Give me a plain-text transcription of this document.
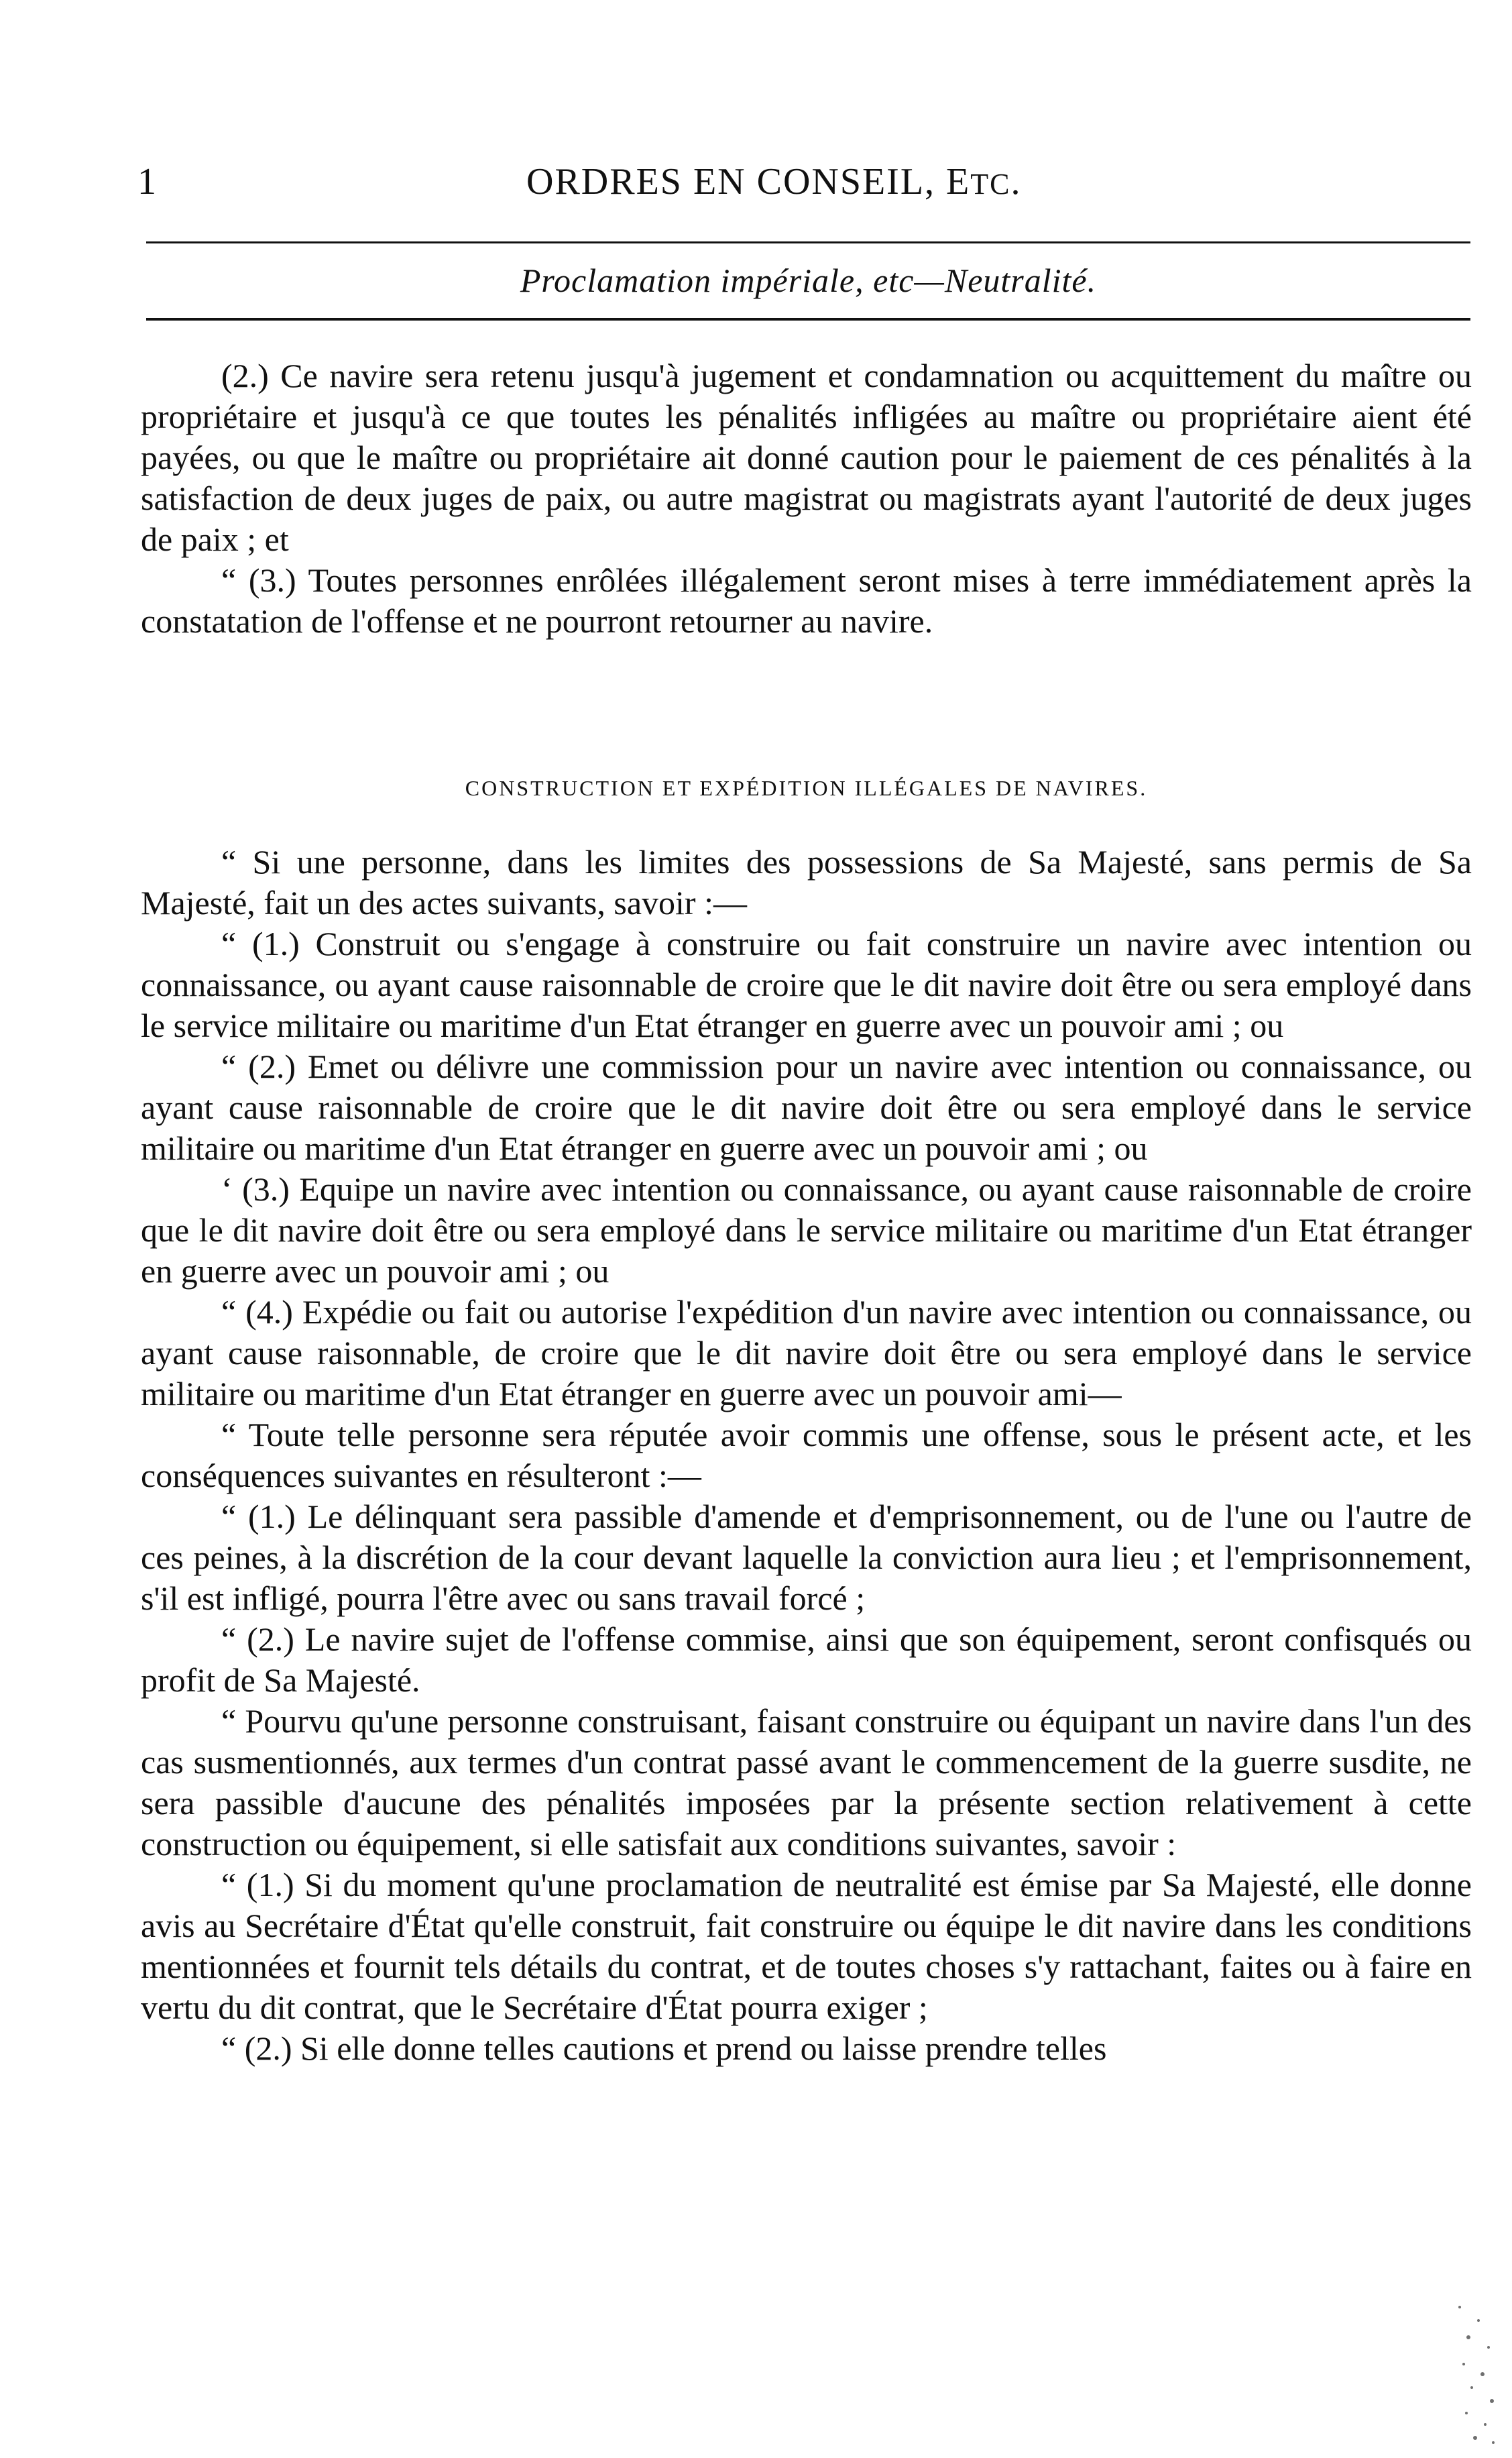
1	ORDRES EN CONSEIL, ETC.
Proclamation impériale, etc—Neutralité.

(2.) Ce navire sera retenu jusqu'à jugement et condamnation ou acquittement du maître ou propriétaire et jusqu'à ce que toutes les pénalités infligées au maître ou propriétaire aient été payées, ou que le maître ou propriétaire ait donné caution pour le paiement de ces pénalités à la satisfaction de deux juges de paix, ou autre magistrat ou magistrats ayant l'autorité de deux juges de paix ; et

“ (3.) Toutes personnes enrôlées illégalement seront mises à terre immédiatement après la constatation de l'offense et ne pourront retourner au navire.

CONSTRUCTION ET EXPÉDITION ILLÉGALES DE NAVIRES.

“ Si une personne, dans les limites des possessions de Sa Majesté, sans permis de Sa Majesté, fait un des actes suivants, savoir :—

“ (1.) Construit ou s'engage à construire ou fait construire un navire avec intention ou connaissance, ou ayant cause raisonnable de croire que le dit navire doit être ou sera employé dans le service militaire ou maritime d'un Etat étranger en guerre avec un pouvoir ami ; ou

“ (2.) Emet ou délivre une commission pour un navire avec intention ou connaissance, ou ayant cause raisonnable de croire que le dit navire doit être ou sera employé dans le service militaire ou maritime d'un Etat étranger en guerre avec un pouvoir ami ; ou

‘ (3.) Equipe un navire avec intention ou connaissance, ou ayant cause raisonnable de croire que le dit navire doit être ou sera employé dans le service militaire ou maritime d'un Etat étranger en guerre avec un pouvoir ami ; ou

“ (4.) Expédie ou fait ou autorise l'expédition d'un navire avec intention ou connaissance, ou ayant cause raisonnable, de croire que le dit navire doit être ou sera employé dans le service militaire ou maritime d'un Etat étranger en guerre avec un pouvoir ami—

“ Toute telle personne sera réputée avoir commis une offense, sous le présent acte, et les conséquences suivantes en résulteront :—

“ (1.) Le délinquant sera passible d'amende et d'emprisonnement, ou de l'une ou l'autre de ces peines, à la discrétion de la cour devant laquelle la conviction aura lieu ; et l'emprisonnement, s'il est infligé, pourra l'être avec ou sans travail forcé ;

“ (2.) Le navire sujet de l'offense commise, ainsi que son équipement, seront confisqués ou profit de Sa Majesté.

“ Pourvu qu'une personne construisant, faisant construire ou équipant un navire dans l'un des cas susmentionnés, aux termes d'un contrat passé avant le commencement de la guerre susdite, ne sera passible d'aucune des pénalités imposées par la présente section relativement à cette construction ou équipement, si elle satisfait aux conditions suivantes, savoir :

“ (1.) Si du moment qu'une proclamation de neutralité est émise par Sa Majesté, elle donne avis au Secrétaire d'État qu'elle construit, fait construire ou équipe le dit navire dans les conditions mentionnées et fournit tels détails du contrat, et de toutes choses s'y rattachant, faites ou à faire en vertu du dit contrat, que le Secrétaire d'État pourra exiger ;

“ (2.) Si elle donne telles cautions et prend ou laisse prendre telles
